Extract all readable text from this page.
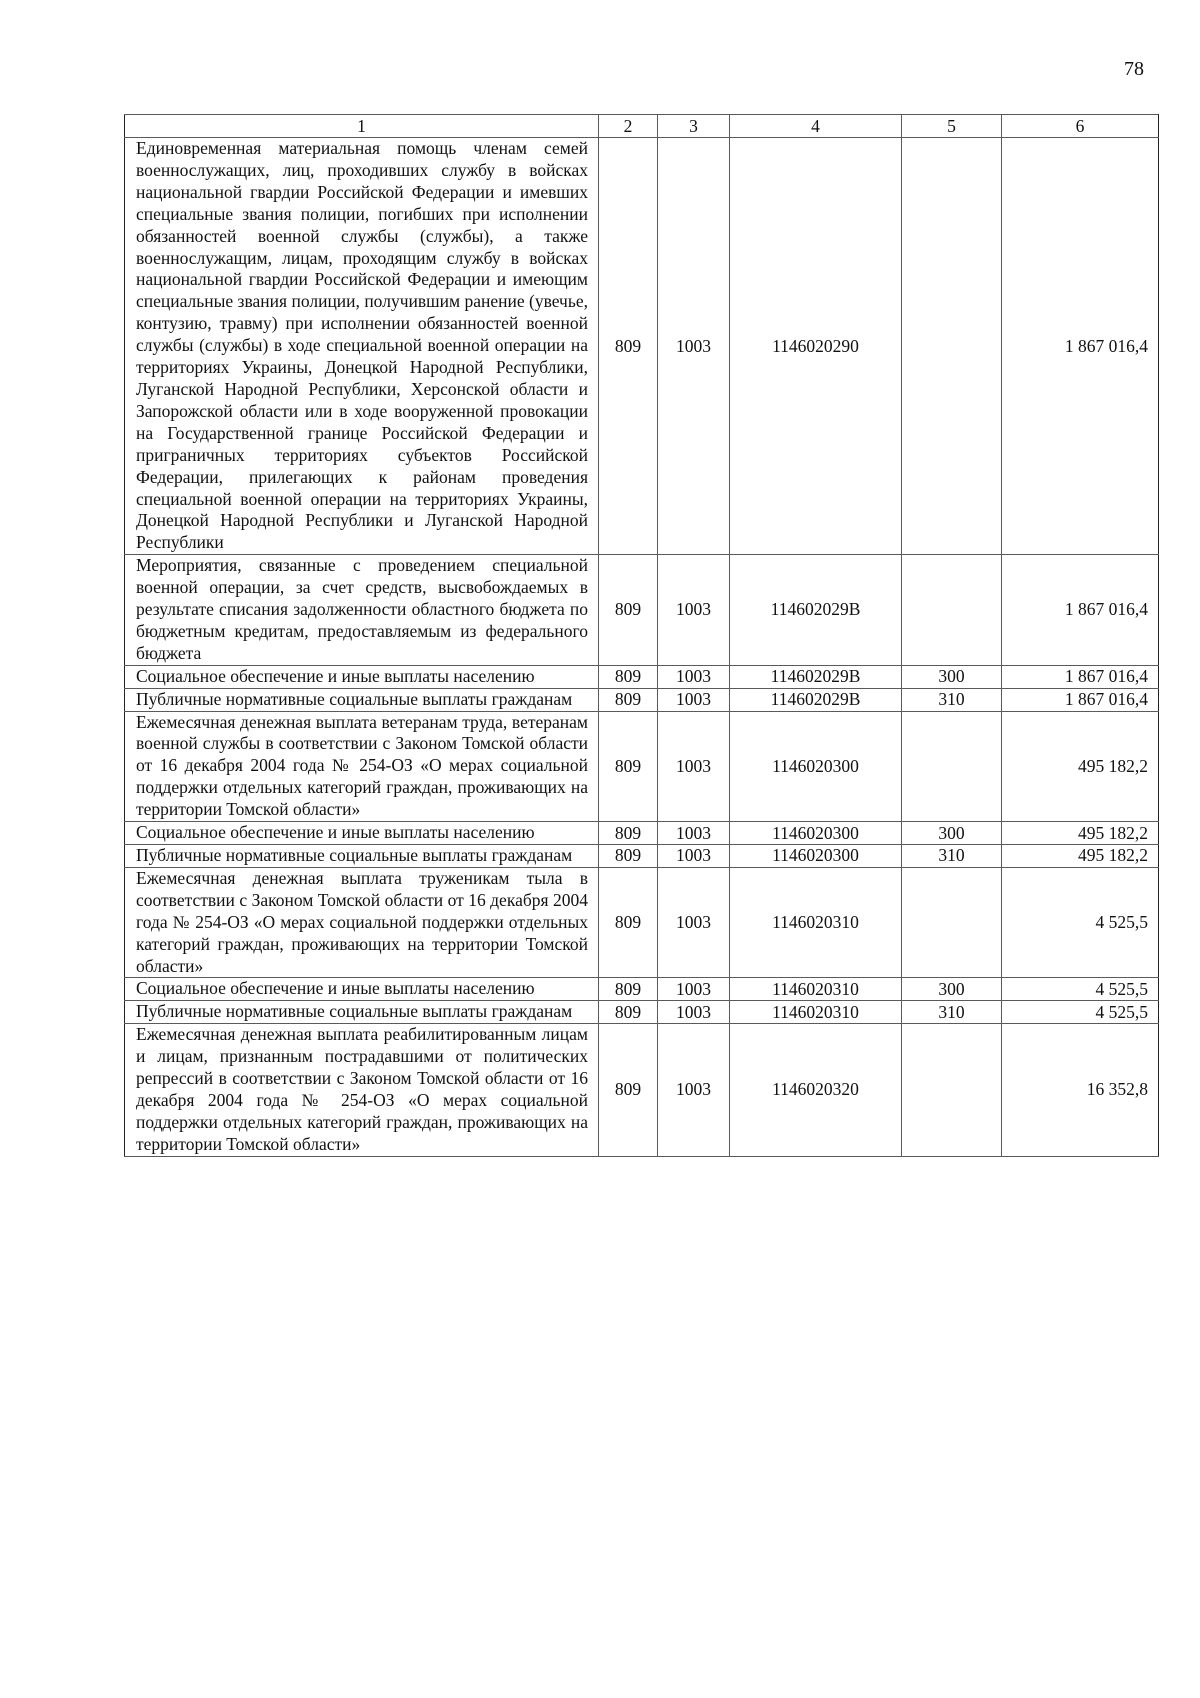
78
1	2	3	4	5	6
Единовременная материальная помощь членам семей военнослужащих, лиц, проходивших службу в войсках национальной гвардии Российской Федерации и имевших специальные звания полиции, погибших при исполнении обязанностей военной службы (службы), а также военнослужащим, лицам, проходящим службу в войсках национальной гвардии Российской Федерации и имеющим специальные звания полиции, получившим ранение (увечье, контузию, травму) при исполнении обязанностей военной службы (службы) в ходе специальной военной операции на территориях Украины, Донецкой Народной Республики, Луганской Народной Республики, Херсонской области и Запорожской области или в ходе вооруженной провокации на Государственной границе Российской Федерации и приграничных территориях субъектов Российской Федерации, прилегающих к районам проведения специальной военной операции на территориях Украины, Донецкой Народной Республики и Луганской Народной Республики	809	1003	1146020290		1 867 016,4
Мероприятия, связанные с проведением специальной военной операции, за счет средств, высвобождаемых в результате списания задолженности областного бюджета по бюджетным кредитам, предоставляемым из федерального бюджета	809	1003	114602029В		1 867 016,4
Социальное обеспечение и иные выплаты населению	809	1003	114602029В	300	1 867 016,4
Публичные нормативные социальные выплаты гражданам	809	1003	114602029В	310	1 867 016,4
Ежемесячная денежная выплата ветеранам труда, ветеранам военной службы в соответствии с Законом Томской области от 16 декабря 2004 года № 254-ОЗ «О мерах социальной поддержки отдельных категорий граждан, проживающих на территории Томской области»	809	1003	1146020300		495 182,2
Социальное обеспечение и иные выплаты населению	809	1003	1146020300	300	495 182,2
Публичные нормативные социальные выплаты гражданам	809	1003	1146020300	310	495 182,2
Ежемесячная денежная выплата труженикам тыла в соответствии с Законом Томской области от 16 декабря 2004 года № 254-ОЗ «О мерах социальной поддержки отдельных категорий граждан, проживающих на территории Томской области»	809	1003	1146020310		4 525,5
Социальное обеспечение и иные выплаты населению	809	1003	1146020310	300	4 525,5
Публичные нормативные социальные выплаты гражданам	809	1003	1146020310	310	4 525,5
Ежемесячная денежная выплата реабилитированным лицам и лицам, признанным пострадавшими от политических репрессий в соответствии с Законом Томской области от 16 декабря 2004 года № 254-ОЗ «О мерах социальной поддержки отдельных категорий граждан, проживающих на территории Томской области»	809	1003	1146020320		16 352,8
